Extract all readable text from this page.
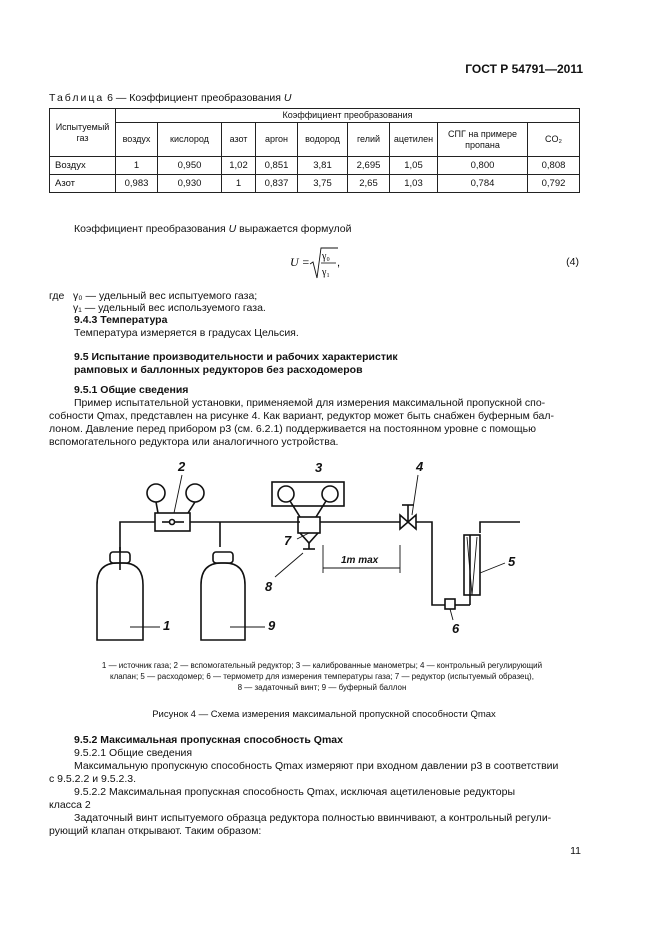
ГОСТ Р 54791—2011
Таблица 6 — Коэффициент преобразования U
Испытуемый газ	Коэффициент преобразования								
	воздух	кислород	азот	аргон	водород	гелий	ацетилен	СПГ на примере пропана	CO₂
Воздух	1	0,950	1,02	0,851	3,81	2,695	1,05	0,800	0,808
Азот	0,983	0,930	1	0,837	3,75	2,65	1,03	0,784	0,792
Коэффициент преобразования U выражается формулой
U = γ₀
γ₁
,	(4)
где γ₀ — удельный вес испытуемого газа;
γ₁ — удельный вес используемого газа.
9.4.3 Температура
Температура измеряется в градусах Цельсия.
9.5 Испытание производительности и рабочих характеристик
рамповых и баллонных редукторов без расходомеров
9.5.1 Общие сведения
Пример испытательной установки, применяемой для измерения максимальной пропускной спо-
собности Qmax, представлен на рисунке 4. Как вариант, редуктор может быть снабжен буферным бал-
лоном. Давление перед прибором p3 (см. 6.2.1) поддерживается на постоянном уровне с помощью
вспомогательного редуктора или аналогичного устройства.
1
2	3	4
5
6
7
8
9
1m max
1 — источник газа; 2 — вспомогательный редуктор; 3 — калиброванные манометры; 4 — контрольный регулирующий
клапан; 5 — расходомер; 6 — термометр для измерения температуры газа; 7 — редуктор (испытуемый образец),
8 — задаточный винт; 9 — буферный баллон
Рисунок 4 — Схема измерения максимальной пропускной способности Qmax
9.5.2 Максимальная пропускная способность Qmax
9.5.2.1 Общие сведения
Максимальную пропускную способность Qmax измеряют при входном давлении p3 в соответствии
с 9.5.2.2 и 9.5.2.3.
9.5.2.2 Максимальная пропускная способность Qmax, исключая ацетиленовые редукторы
класса 2
Задаточный винт испытуемого образца редуктора полностью ввинчивают, а контрольный регули-
рующий клапан открывают. Таким образом:
11
